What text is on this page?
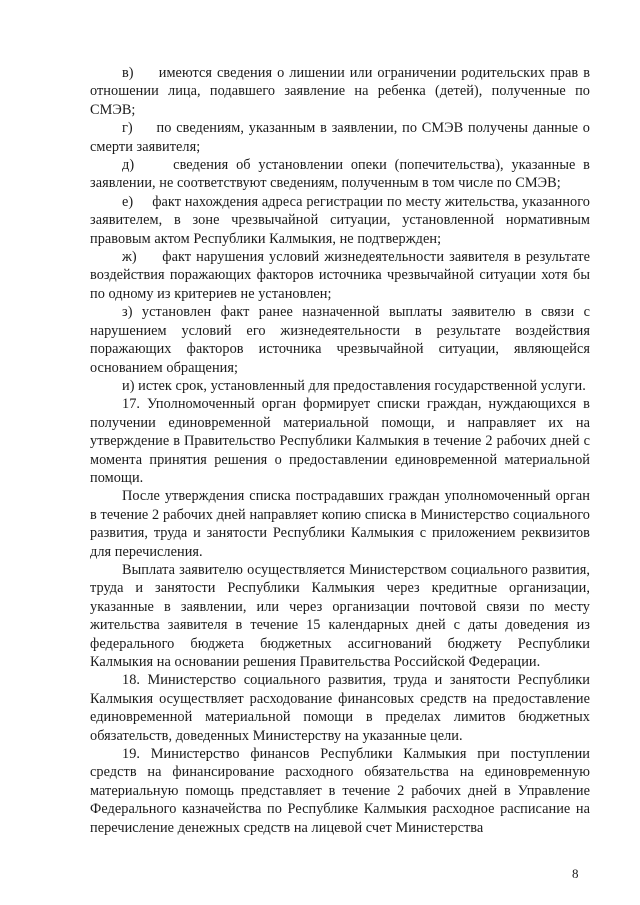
в)     имеются сведения о лишении или ограничении родительских прав в отношении лица, подавшего заявление на ребенка (детей), полученные по СМЭВ;

г)     по сведениям, указанным в заявлении, по СМЭВ получены данные о смерти заявителя;

д)     сведения об установлении опеки (попечительства), указанные в заявлении, не соответствуют сведениям, полученным в том числе по СМЭВ;

е)     факт нахождения адреса регистрации по месту жительства, указанного заявителем, в зоне чрезвычайной ситуации, установленной нормативным правовым актом Республики Калмыкия, не подтвержден;

ж)     факт нарушения условий жизнедеятельности заявителя в результате воздействия поражающих факторов источника чрезвычайной ситуации хотя бы по одному из критериев не установлен;

з) установлен факт ранее назначенной выплаты заявителю в связи с нарушением условий его жизнедеятельности в результате воздействия поражающих факторов источника чрезвычайной ситуации, являющейся основанием обращения;

и) истек срок, установленный для предоставления государственной услуги.

17. Уполномоченный орган формирует списки граждан, нуждающихся в получении единовременной материальной помощи, и направляет их на утверждение в Правительство Республики Калмыкия в течение 2 рабочих дней с момента принятия решения о предоставлении единовременной материальной помощи.

После утверждения списка пострадавших граждан уполномоченный орган в течение 2 рабочих дней направляет копию списка в Министерство социального развития, труда и занятости Республики Калмыкия с приложением реквизитов для перечисления.

Выплата заявителю осуществляется Министерством социального развития, труда и занятости Республики Калмыкия через кредитные организации, указанные в заявлении, или через организации почтовой связи по месту жительства заявителя в течение 15 календарных дней с даты доведения из федерального бюджета бюджетных ассигнований бюджету Республики Калмыкия на основании решения Правительства Российской Федерации.

18. Министерство социального развития, труда и занятости Республики Калмыкия осуществляет расходование финансовых средств на предоставление единовременной материальной помощи в пределах лимитов бюджетных обязательств, доведенных Министерству на указанные цели.

19. Министерство финансов Республики Калмыкия при поступлении средств на финансирование расходного обязательства на единовременную материальную помощь представляет в течение 2 рабочих дней в Управление Федерального казначейства по Республике Калмыкия расходное расписание на перечисление денежных средств на лицевой счет Министерства

8
